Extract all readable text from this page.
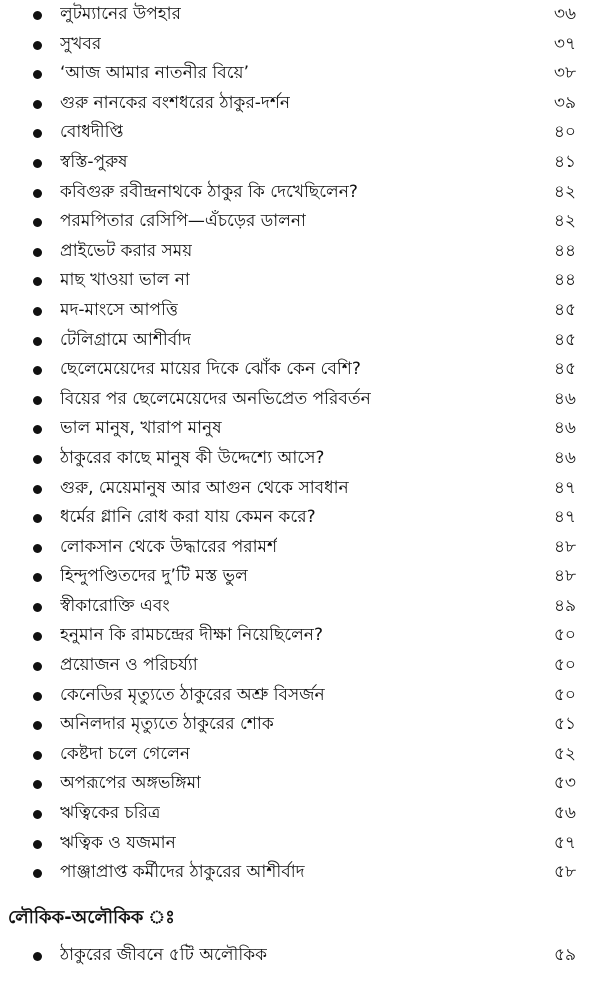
লুটম্যানের উপহার	৩৬
সুখবর	৩৭
‘আজ আমার নাতনীর বিয়ে’	৩৮
গুরু নানকের বংশধরের ঠাকুর-দর্শন	৩৯
বোধদীপ্তি	৪০
স্বস্তি-পুরুষ	৪১
কবিগুরু রবীন্দ্রনাথকে ঠাকুর কি দেখেছিলেন?	৪২
পরমপিতার রেসিপি—এঁচড়ের ডালনা	৪২
প্রাইভেট করার সময়	৪৪
মাছ খাওয়া ভাল না	৪৪
মদ-মাংসে আপত্তি	৪৫
টেলিগ্রামে আশীর্বাদ	৪৫
ছেলেমেয়েদের মায়ের দিকে ঝোঁক কেন বেশি?	৪৫
বিয়ের পর ছেলেমেয়েদের অনভিপ্রেত পরিবর্তন	৪৬
ভাল মানুষ, খারাপ মানুষ	৪৬
ঠাকুরের কাছে মানুষ কী উদ্দেশ্যে আসে?	৪৬
গুরু, মেয়েমানুষ আর আগুন থেকে সাবধান	৪৭
ধর্মের গ্লানি রোধ করা যায় কেমন করে?	৪৭
লোকসান থেকে উদ্ধারের পরামর্শ	৪৮
হিন্দুপণ্ডিতদের দু’টি মস্ত ভুল	৪৮
স্বীকারোক্তি এবং	৪৯
হনুমান কি রামচন্দ্রের দীক্ষা নিয়েছিলেন?	৫০
প্রয়োজন ও পরিচর্য্যা	৫০
কেনেডির মৃত্যুতে ঠাকুরের অশ্রু বিসর্জন	৫০
অনিলদার মৃত্যুতে ঠাকুরের শোক	৫১
কেষ্টদা চলে গেলেন	৫২
অপরূপের অঙ্গভঙ্গিমা	৫৩
ঋত্বিকের চরিত্র	৫৬
ঋত্বিক ও যজমান	৫৭
পাঞ্জাপ্রাপ্ত কর্মীদের ঠাকুরের আশীর্বাদ	৫৮
লৌকিক-অলৌকিক ঃ
ঠাকুরের জীবনে ৫টি অলৌকিক	৫৯
